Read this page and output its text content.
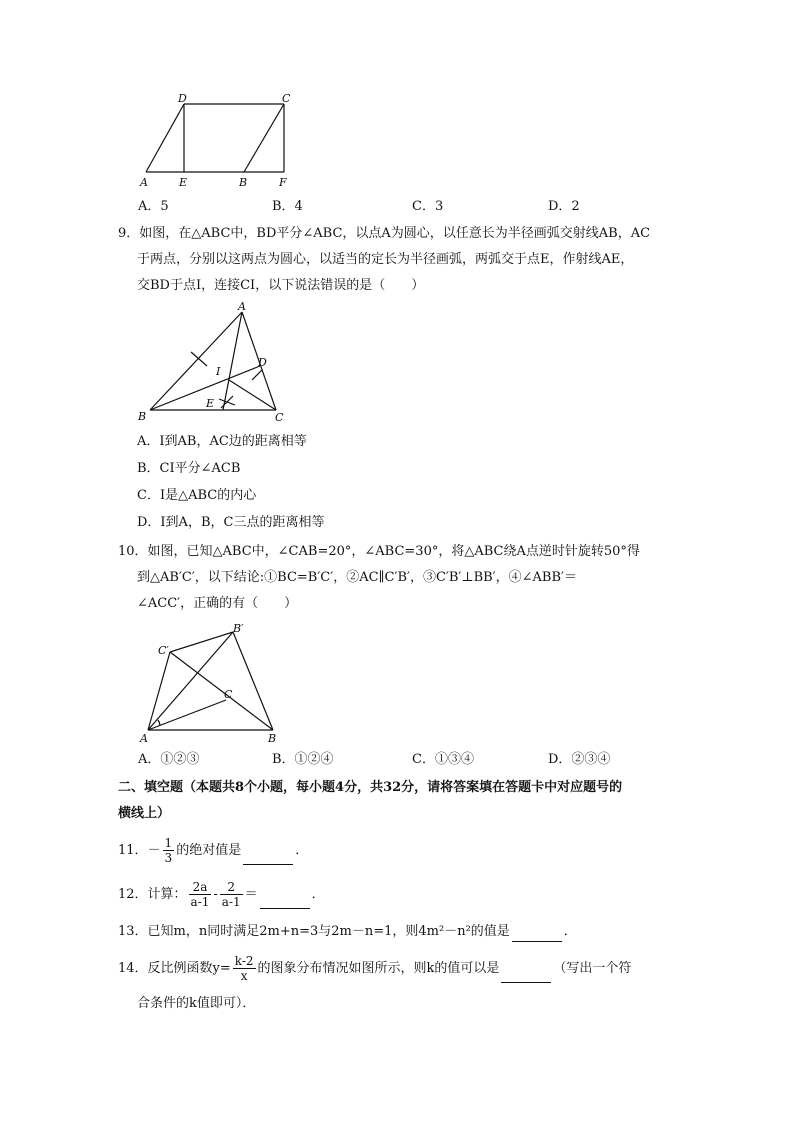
A	E	B	F
D	C
A．5	B．4	C．3	D．2
9．如图，在△ABC中，BD平分∠ABC，以点A为圆心，以任意长为半径画弧交射线AB，AC
于两点，分别以这两点为圆心，以适当的定长为半径画弧，两弧交于点E，作射线AE，
交BD于点I，连接CI，以下说法错误的是（　　）
A
B	C
D
I
E
A．I到AB，AC边的距离相等
B．CI平分∠ACB
C．I是△ABC的内心
D．I到A，B，C三点的距离相等
10．如图，已知△ABC中，∠CAB=20°，∠ABC=30°，将△ABC绕A点逆时针旋转50°得
到△AB′C′，以下结论:①BC=B′C′，②AC∥C′B′，③C′B′⊥BB′，④∠ABB′＝
∠ACC′，正确的有（　　）
A	B
C
B′
C′
A．①②③	B．①②④	C．①③④	D．②③④
二、填空题（本题共8个小题，每小题4分，共32分，请将答案填在答题卡中对应题号的
横线上）
11．－ $\frac{1}{3}$ 的绝对值是	．
12．计算： $\frac{2a}{a-1} - \frac{2}{a-1}$ ＝	．
13．已知m，n同时满足2m+n=3与2m－n=1，则4m²－n²的值是	．
14．反比例函数$y= \frac{k-2}{x}$ 的图象分布情况如图所示，则k的值可以是	（写出一个符
合条件的k值即可）．
